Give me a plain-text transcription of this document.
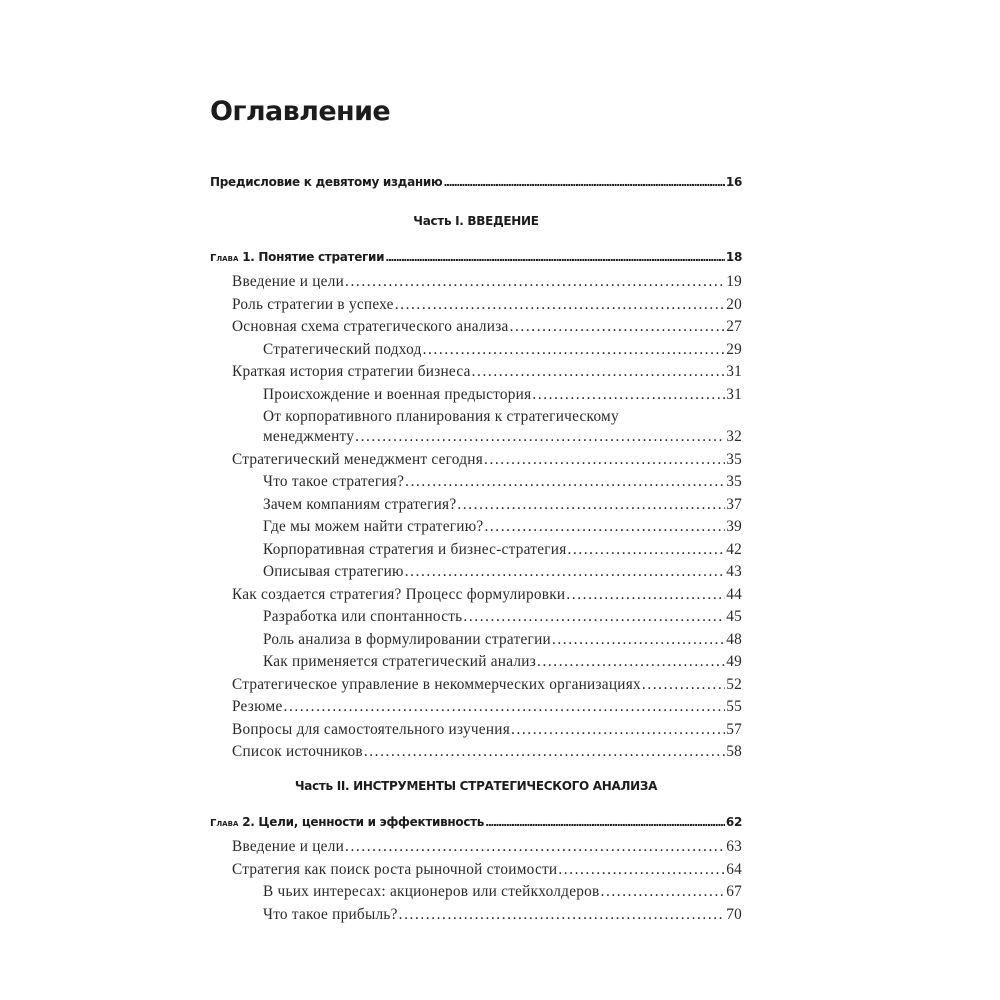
Оглавление
Предисловие к девятому изданию .....	16
Часть I. ВВЕДЕНИЕ
Глава 1. Понятие стратегии .....	18
Введение и цели .....	19
Роль стратегии в успехе .....	20
Основная схема стратегического анализа .....	27
Стратегический подход .....	29
Краткая история стратегии бизнеса .....	31
Происхождение и военная предыстория .....	31
От корпоративного планирования к стратегическому
менеджменту .....	32
Стратегический менеджмент сегодня .....	35
Что такое стратегия? .....	35
Зачем компаниям стратегия? .....	37
Где мы можем найти стратегию? .....	39
Корпоративная стратегия и бизнес-стратегия .....	42
Описывая стратегию .....	43
Как создается стратегия? Процесс формулировки .....	44
Разработка или спонтанность .....	45
Роль анализа в формулировании стратегии .....	48
Как применяется стратегический анализ .....	49
Стратегическое управление в некоммерческих организациях .....	52
Резюме .....	55
Вопросы для самостоятельного изучения .....	57
Список источников .....	58
Часть II. ИНСТРУМЕНТЫ СТРАТЕГИЧЕСКОГО АНАЛИЗА
Глава 2. Цели, ценности и эффективность .....	62
Введение и цели .....	63
Стратегия как поиск роста рыночной стоимости .....	64
В чьих интересах: акционеров или стейкхолдеров .....	67
Что такое прибыль? .....	70
